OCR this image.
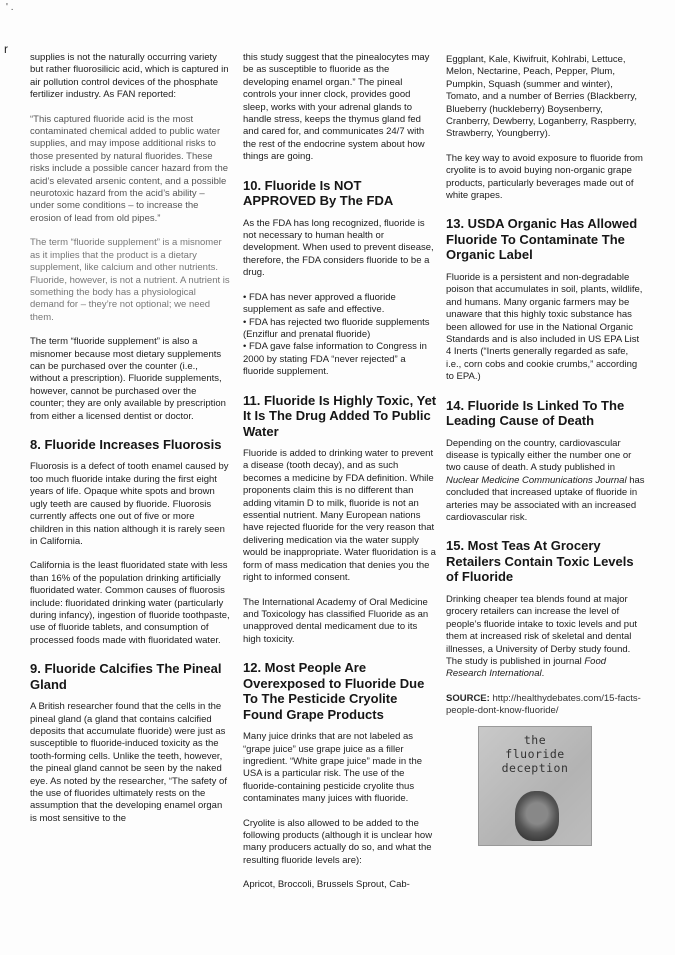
' .
r

supplies is not the naturally occurring variety but rather fluorosilicic acid, which is captured in air pollution control devices of the phosphate fertilizer industry. As FAN reported:

“This captured fluoride acid is the most contaminated chemical added to public water supplies, and may impose additional risks to those presented by natural fluorides. These risks include a possible cancer hazard from the acid’s elevated arsenic content, and a possible neurotoxic hazard from the acid’s ability – under some conditions – to increase the erosion of lead from old pipes.”

The term “fluoride supplement” is a misnomer as it implies that the product is a dietary supplement, like calcium and other nutrients. Fluoride, however, is not a nutrient. A nutrient is something the body has a physiological demand for – they’re not optional; we need them.

The term “fluoride supplement” is also a misnomer because most dietary supplements can be purchased over the counter (i.e., without a prescription). Fluoride supplements, however, cannot be purchased over the counter; they are only available by prescription from either a licensed dentist or doctor.

8. Fluoride Increases Fluorosis

Fluorosis is a defect of tooth enamel caused by too much fluoride intake during the first eight years of life. Opaque white spots and brown ugly teeth are caused by fluoride. Fluorosis currently affects one out of five or more children in this nation although it is rarely seen in California.

California is the least fluoridated state with less than 16% of the population drinking artificially fluoridated water. Common causes of fluorosis include: fluoridated drinking water (particularly during infancy), ingestion of fluoride toothpaste, use of fluoride tablets, and consumption of processed foods made with fluoridated water.

9. Fluoride Calcifies The Pineal Gland

A British researcher found that the cells in the pineal gland (a gland that contains calcified deposits that accumulate fluoride) were just as susceptible to fluoride-induced toxicity as the tooth-forming cells. Unlike the teeth, however, the pineal gland cannot be seen by the naked eye. As noted by the researcher, “The safety of the use of fluorides ultimately rests on the assumption that the developing enamel organ is most sensitive to the

this study suggest that the pinealocytes may be as susceptible to fluoride as the developing enamel organ.” The pineal controls your inner clock, provides good sleep, works with your adrenal glands to handle stress, keeps the thymus gland fed and cared for, and communicates 24/7 with the rest of the endocrine system about how things are going.

10. Fluoride Is NOT APPROVED By The FDA

As the FDA has long recognized, fluoride is not necessary to human health or development. When used to prevent disease, therefore, the FDA considers fluoride to be a drug.

• FDA has never approved a fluoride supplement as safe and effective.
• FDA has rejected two fluoride supplements (Enziflur and prenatal fluoride)
• FDA gave false information to Congress in 2000 by stating FDA “never rejected” a fluoride supplement.
11. Fluoride Is Highly Toxic, Yet It Is The Drug Added To Public Water

Fluoride is added to drinking water to prevent a disease (tooth decay), and as such becomes a medicine by FDA definition. While proponents claim this is no different than adding vitamin D to milk, fluoride is not an essential nutrient. Many European nations have rejected fluoride for the very reason that delivering medication via the water supply would be inappropriate. Water fluoridation is a form of mass medication that denies you the right to informed consent.

The International Academy of Oral Medicine and Toxicology has classified Fluoride as an unapproved dental medicament due to its high toxicity.

12. Most People Are Overexposed to Fluoride Due To The Pesticide Cryolite Found Grape Products

Many juice drinks that are not labeled as “grape juice” use grape juice as a filler ingredient. “White grape juice” made in the USA is a particular risk. The use of the fluoride-containing pesticide cryolite thus contaminates many juices with fluoride.

Cryolite is also allowed to be added to the following products (although it is unclear how many producers actually do so, and what the resulting fluoride levels are):

Apricot, Broccoli, Brussels Sprout, Cab-

Eggplant, Kale, Kiwifruit, Kohlrabi, Lettuce, Melon, Nectarine, Peach, Pepper, Plum, Pumpkin, Squash (summer and winter), Tomato, and a number of Berries (Blackberry, Blueberry (huckleberry) Boysenberry, Cranberry, Dewberry, Loganberry, Raspberry, Strawberry, Youngberry).

The key way to avoid exposure to fluoride from cryolite is to avoid buying non-organic grape products, particularly beverages made out of white grapes.

13. USDA Organic Has Allowed Fluoride To Contaminate The Organic Label

Fluoride is a persistent and non-degradable poison that accumulates in soil, plants, wildlife, and humans. Many organic farmers may be unaware that this highly toxic substance has been allowed for use in the National Organic Standards and is also included in US EPA List 4 Inerts (“Inerts generally regarded as safe, i.e., corn cobs and cookie crumbs,” according to EPA.)

14. Fluoride Is Linked To The Leading Cause of Death

Depending on the country, cardiovascular disease is typically either the number one or two cause of death. A study published in Nuclear Medicine Communications Journal has concluded that increased uptake of fluoride in arteries may be associated with an increased cardiovascular risk.

15. Most Teas At Grocery Retailers Contain Toxic Levels of Fluoride

Drinking cheaper tea blends found at major grocery retailers can increase the level of people’s fluoride intake to toxic levels and put them at increased risk of skeletal and dental illnesses, a University of Derby study found. The study is published in journal Food Research International.

SOURCE: http://healthydebates.com/15-facts-people-dont-know-fluoride/
the
fluoride
deception
